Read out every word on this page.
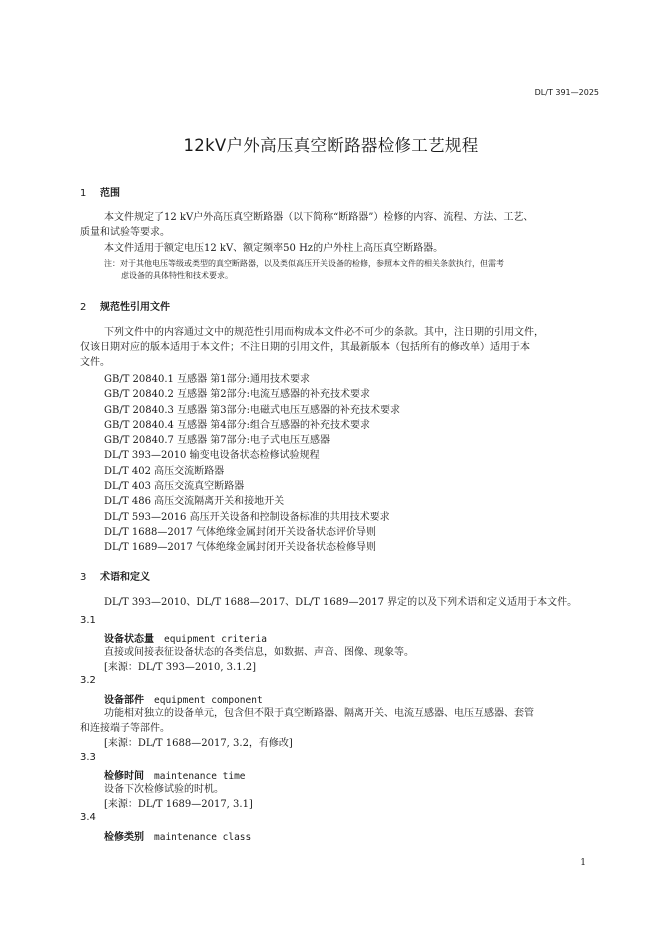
DL/T 391—2025
12kV户外高压真空断路器检修工艺规程
1 范围
本文件规定了12 kV户外高压真空断路器（以下简称“断路器”）检修的内容、流程、方法、工艺、
质量和试验等要求。
本文件适用于额定电压12 kV、额定频率50 Hz的户外柱上高压真空断路器。
注：对于其他电压等级或类型的真空断路器，以及类似高压开关设备的检修，参照本文件的相关条款执行，但需考
虑设备的具体特性和技术要求。
2 规范性引用文件
下列文件中的内容通过文中的规范性引用而构成本文件必不可少的条款。其中，注日期的引用文件，
仅该日期对应的版本适用于本文件；不注日期的引用文件，其最新版本（包括所有的修改单）适用于本
文件。
GB/T 20840.1 互感器 第1部分:通用技术要求
GB/T 20840.2 互感器 第2部分:电流互感器的补充技术要求
GB/T 20840.3 互感器 第3部分:电磁式电压互感器的补充技术要求
GB/T 20840.4 互感器 第4部分:组合互感器的补充技术要求
GB/T 20840.7 互感器 第7部分:电子式电压互感器
DL/T 393—2010 输变电设备状态检修试验规程
DL/T 402 高压交流断路器
DL/T 403 高压交流真空断路器
DL/T 486 高压交流隔离开关和接地开关
DL/T 593—2016 高压开关设备和控制设备标准的共用技术要求
DL/T 1688—2017 气体绝缘金属封闭开关设备状态评价导则
DL/T 1689—2017 气体绝缘金属封闭开关设备状态检修导则
3 术语和定义
DL/T 393—2010、DL/T 1688—2017、DL/T 1689—2017 界定的以及下列术语和定义适用于本文件。
3.1
设备状态量 equipment criteria
直接或间接表征设备状态的各类信息，如数据、声音、图像、现象等。
[来源：DL/T 393—2010, 3.1.2]
3.2
设备部件 equipment component
功能相对独立的设备单元，包含但不限于真空断路器、隔离开关、电流互感器、电压互感器、套管
和连接端子等部件。
[来源：DL/T 1688—2017, 3.2，有修改]
3.3
检修时间 maintenance time
设备下次检修试验的时机。
[来源：DL/T 1689—2017, 3.1]
3.4
检修类别 maintenance class
1
